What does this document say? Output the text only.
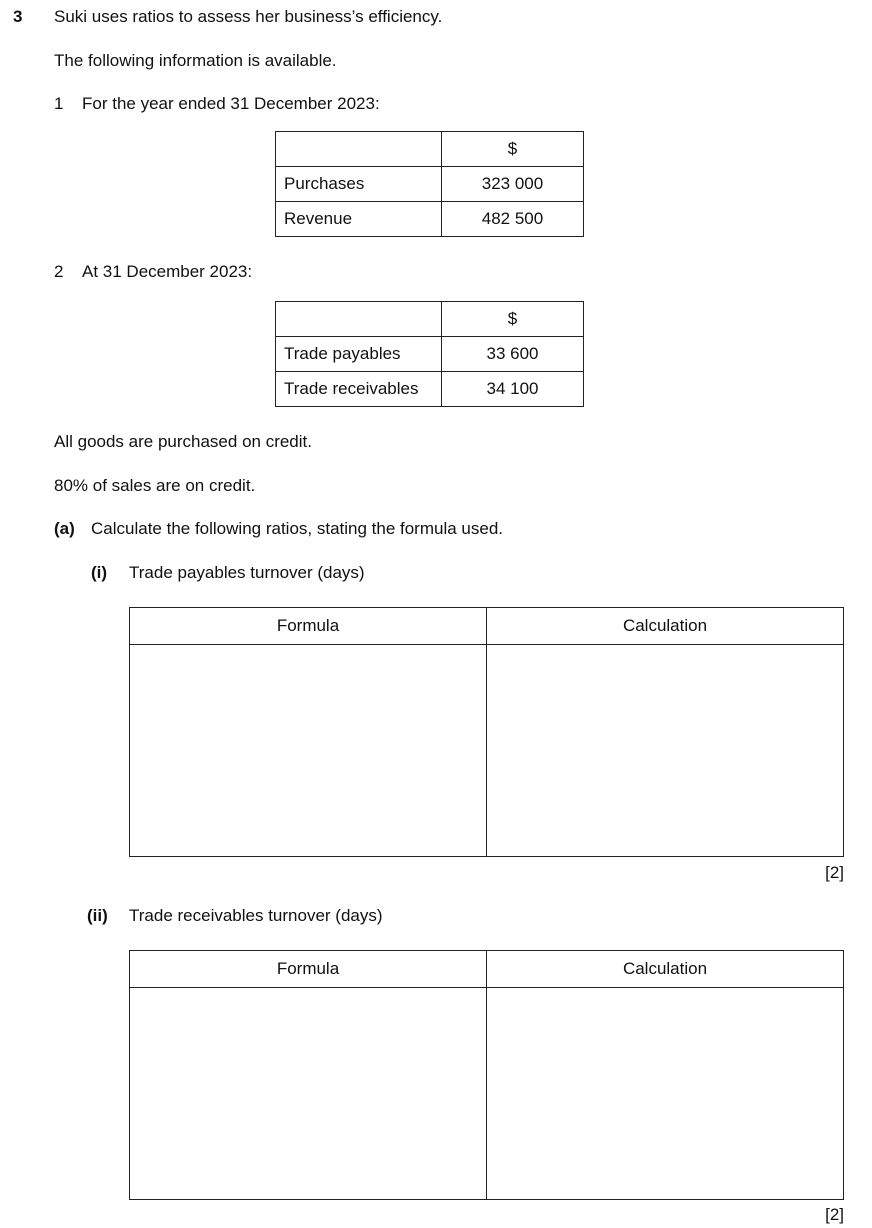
3 Suki uses ratios to assess her business’s efficiency.
The following information is available.
1 For the year ended 31 December 2023:
	$
Purchases	323 000
Revenue	482 500
2 At 31 December 2023:
	$
Trade payables	33 600
Trade receivables	34 100
All goods are purchased on credit.
80% of sales are on credit.
(a) Calculate the following ratios, stating the formula used.
(i) Trade payables turnover (days)
Formula	Calculation

[2]
(ii) Trade receivables turnover (days)
Formula	Calculation

[2]
